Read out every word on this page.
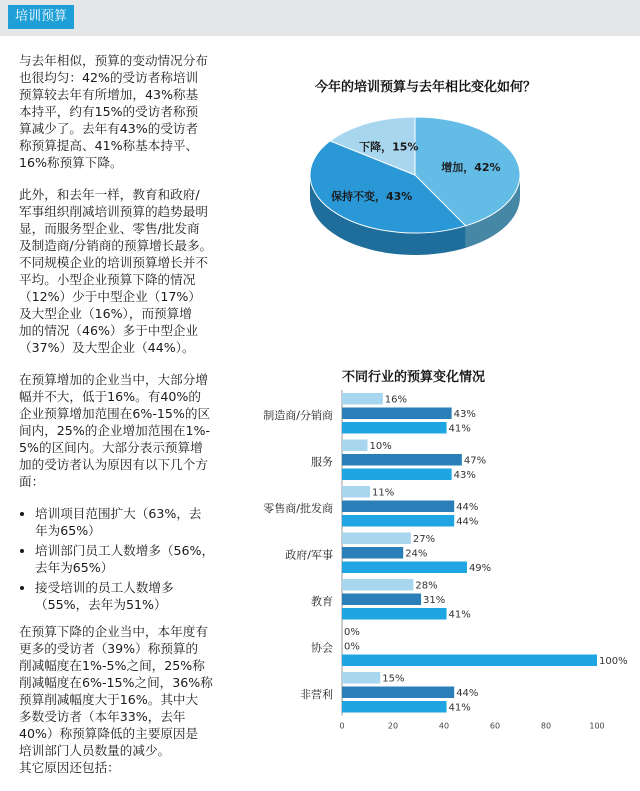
培训预算

与去年相似，预算的变动情况分布
也很均匀：42%的受访者称培训
预算较去年有所增加，43%称基
本持平，约有15%的受访者称预
算减少了。去年有43%的受访者
称预算提高、41%称基本持平、
16%称预算下降。

此外，和去年一样，教育和政府/
军事组织削减培训预算的趋势最明
显，而服务型企业、零售/批发商
及制造商/分销商的预算增长最多。
不同规模企业的培训预算增长并不
平均。小型企业预算下降的情况
（12%）少于中型企业（17%）
及大型企业（16%），而预算增
加的情况（46%）多于中型企业
（37%）及大型企业（44%）。

在预算增加的企业当中，大部分增
幅并不大，低于16%。有40%的
企业预算增加范围在6%-15%的区
间内，25%的企业增加范围在1%-
5%的区间内。大部分表示预算增
加的受访者认为原因有以下几个方
面：

• 培训项目范围扩大（63%，去
年为65%）
• 培训部门员工人数增多（56%，
去年为65%）
• 接受培训的员工人数增多
（55%，去年为51%）

在预算下降的企业当中，本年度有
更多的受访者（39%）称预算的
削减幅度在1%-5%之间，25%称
削减幅度在6%-15%之间，36%称
预算削减幅度大于16%。其中大
多数受访者（本年33%，去年
40%）称预算降低的主要原因是
培训部门人员数量的减少。
其它原因还包括：

今年的培训预算与去年相比变化如何？
增加，42%
保持不变，43%
下降，15%
不同行业的预算变化情况
16%
43%
41%
制造商/分销商
10%
47%
43%
服务
11%
44%
44%
零售商/批发商
27%
24%
49%
政府/军事
28%
31%
41%
教育
0%
0%
100%
协会
15%
44%
41%
非营利
0	20	40	60	80	100
